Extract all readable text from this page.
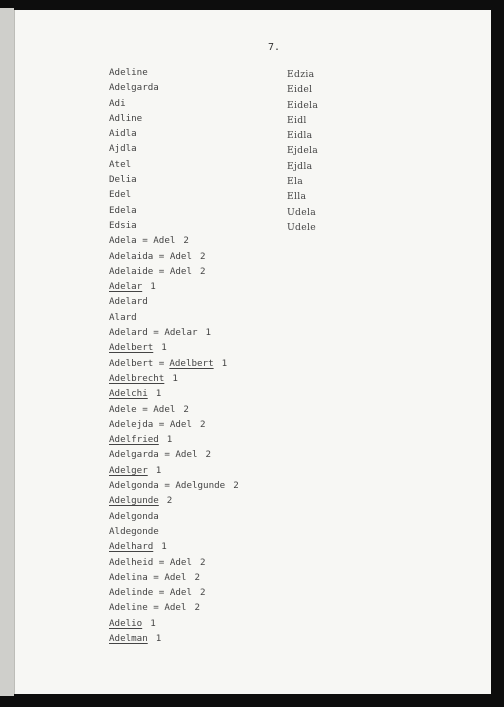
7.
Adeline
Adelgarda
Adi
Adline
Aidla
Ajdla
Atel
Delia
Edel
Edela
Edsia
Adela = Adel 2
Adelaida = Adel 2
Adelaide = Adel 2
Adelar 1
Adelard
Alard
Adelard = Adelar 1
Adelbert 1
Adelbert = Adelbert 1
Adelbrecht 1
Adelchi 1
Adele = Adel 2
Adelejda = Adel 2
Adelfried 1
Adelgarda = Adel 2
Adelger 1
Adelgonda = Adelgunde 2
Adelgunde 2
Adelgonda
Aldegonde
Adelhard 1
Adelheid = Adel 2
Adelina = Adel 2
Adelinde = Adel 2
Adeline = Adel 2
Adelio 1
Adelman 1
Edzia
Eidel
Eidela
Eidl
Eidla
Ejdela
Ejdla
Ela
Ella
Udela
Udele
